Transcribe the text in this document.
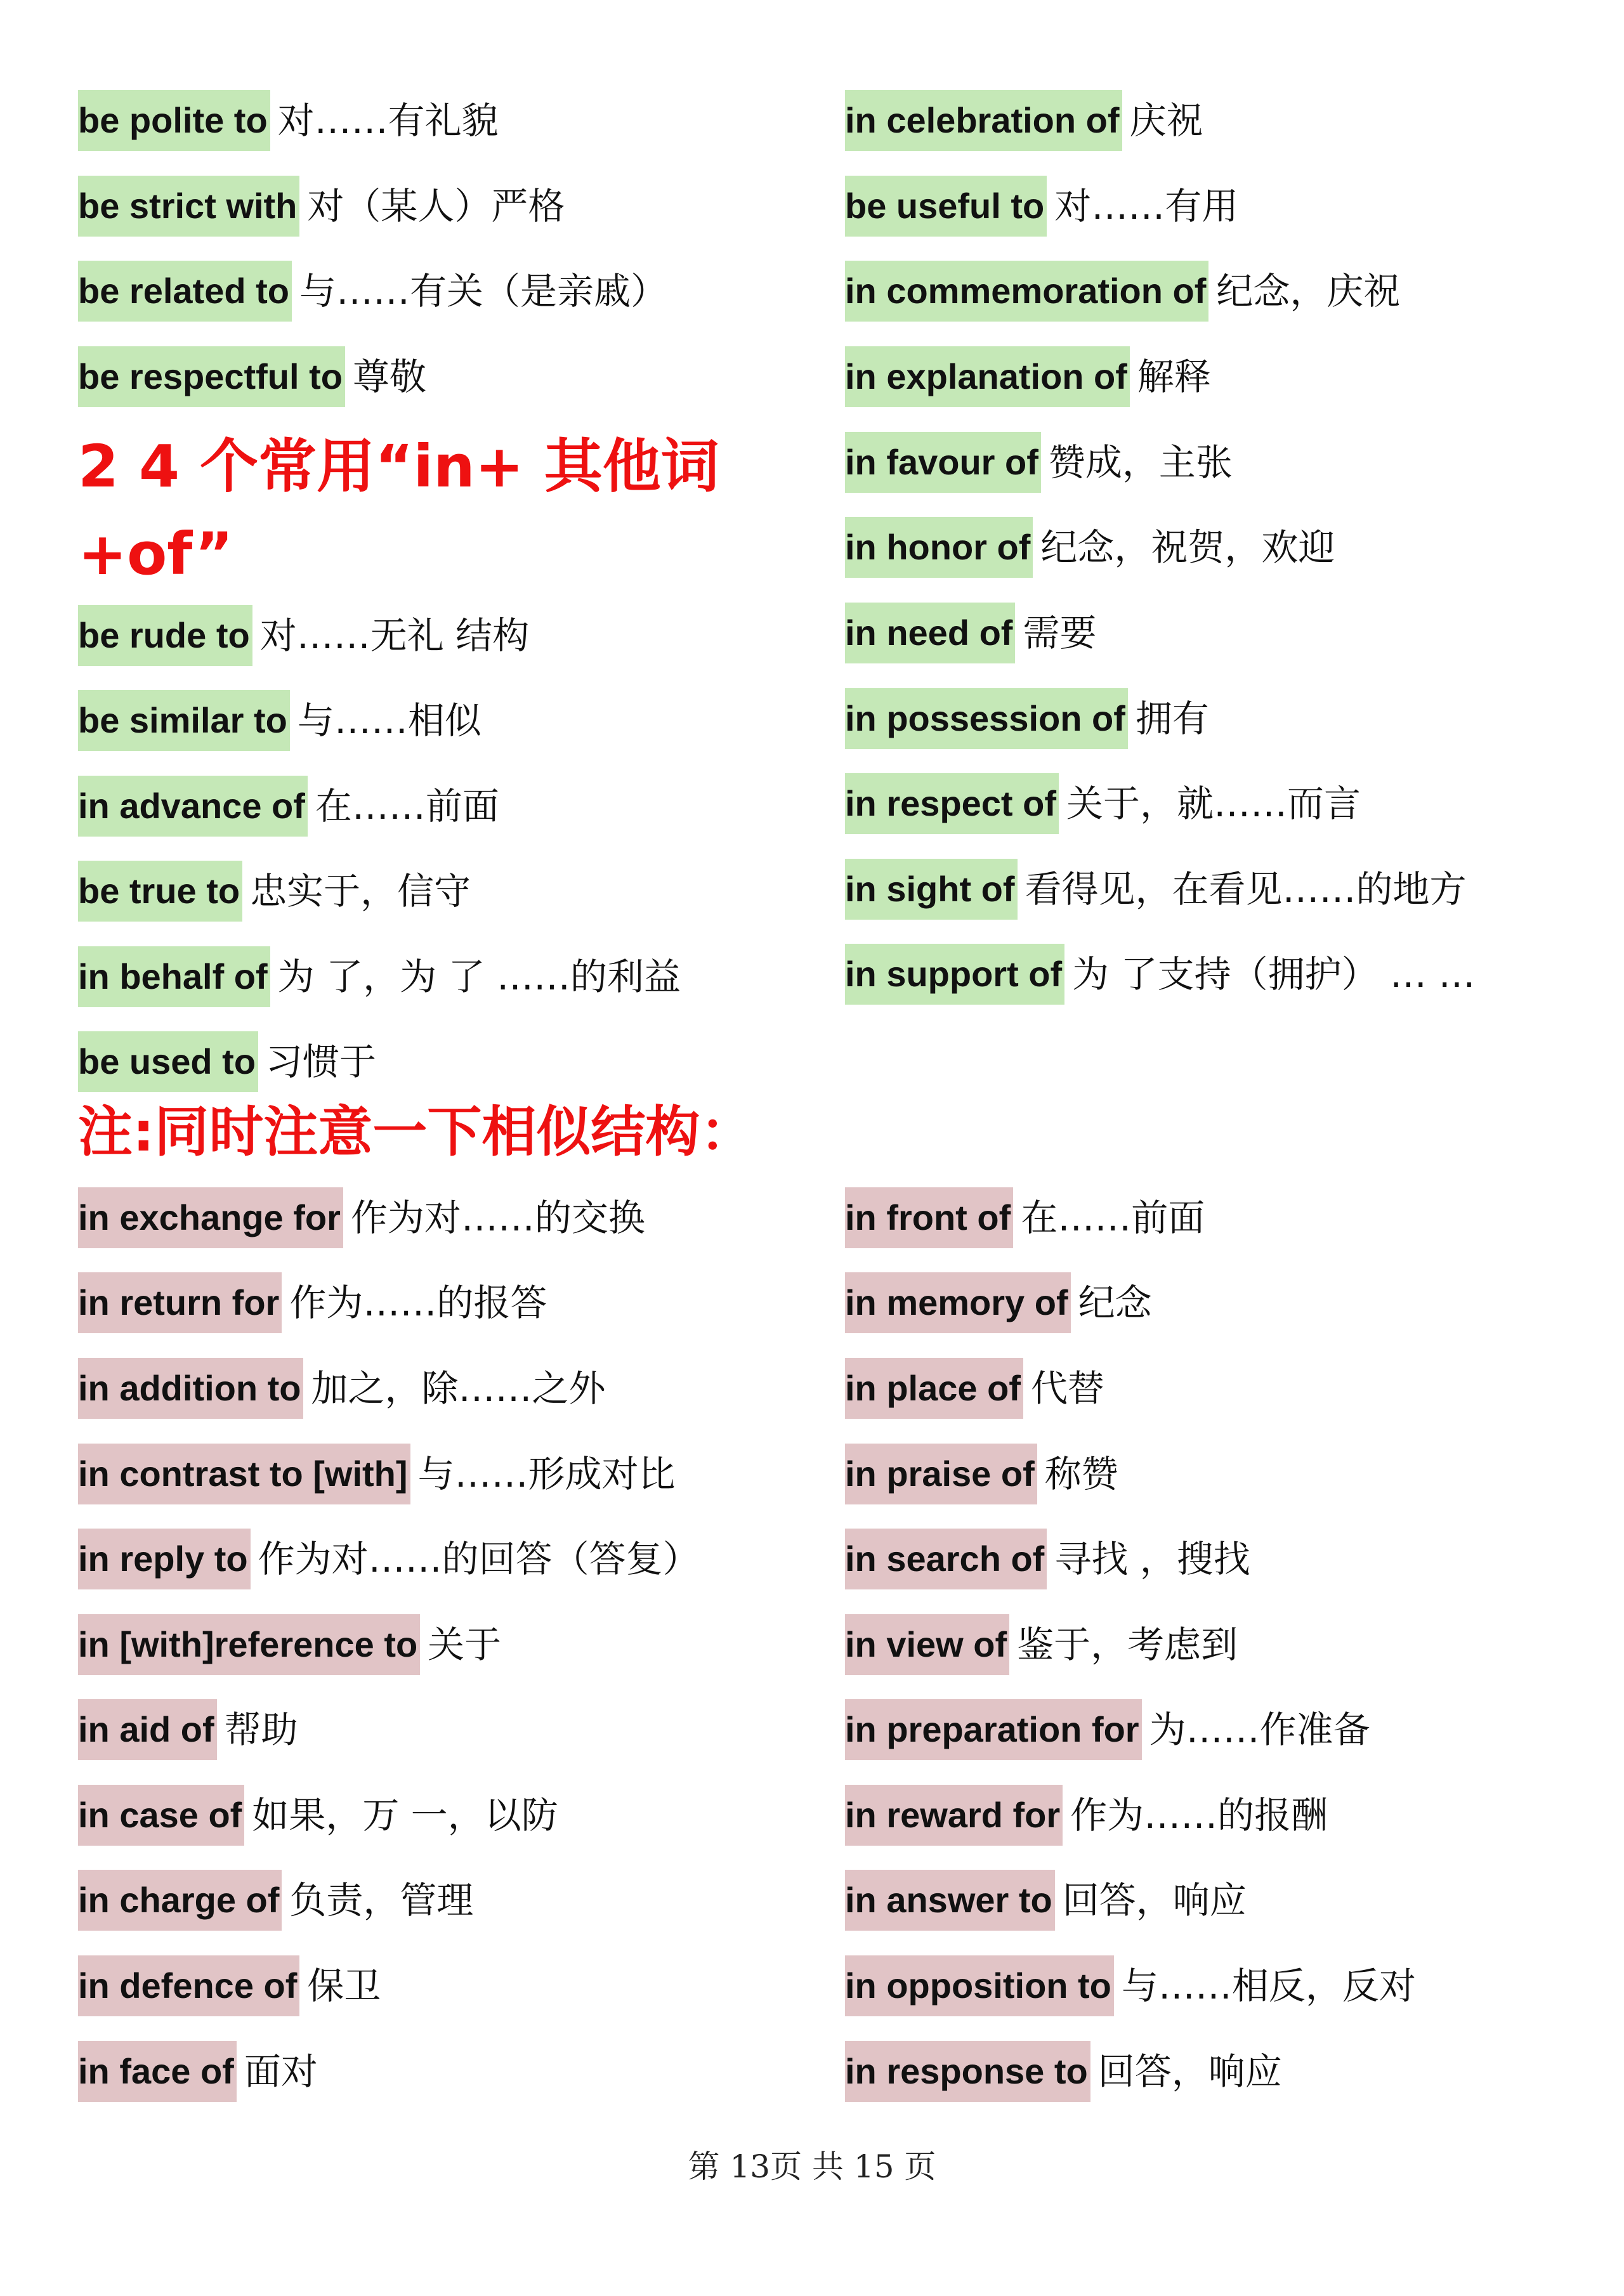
be polite to 对……有礼貌
be strict with 对（某人）严格
be related to 与……有关（是亲戚）
be respectful to 尊敬
2 4 个常用“in+ 其他词
+of”
be rude to 对……无礼 结构
be similar to 与……相似
in advance of 在……前面
be true to 忠实于，信守
in behalf of 为 了，为 了 ……的利益
be used to 习惯于
注:同时注意一下相似结构：
in exchange for 作为对……的交换
in return for 作为……的报答
in addition to 加之，除……之外
in contrast to [with] 与……形成对比
in reply to 作为对……的回答（答复）
in [with]reference to 关于
in aid of 帮助
in case of 如果，万 一，以防
in charge of 负责，管理
in defence of 保卫
in face of 面对
in celebration of 庆祝
be useful to 对……有用
in commemoration of 纪念，庆祝
in explanation of 解释
in favour of 赞成，主张
in honor of 纪念，祝贺，欢迎
in need of 需要
in possession of 拥有
in respect of 关于，就……而言
in sight of 看得见，在看见……的地方
in support of 为 了支持（拥护） … …
in front of 在……前面
in memory of 纪念
in place of 代替
in praise of 称赞
in search of 寻找 ，搜找
in view of 鉴于，考虑到
in preparation for 为……作准备
in reward for 作为……的报酬
in answer to 回答，响应
in opposition to 与……相反，反对
in response to 回答，响应
第 13页 共 15 页
